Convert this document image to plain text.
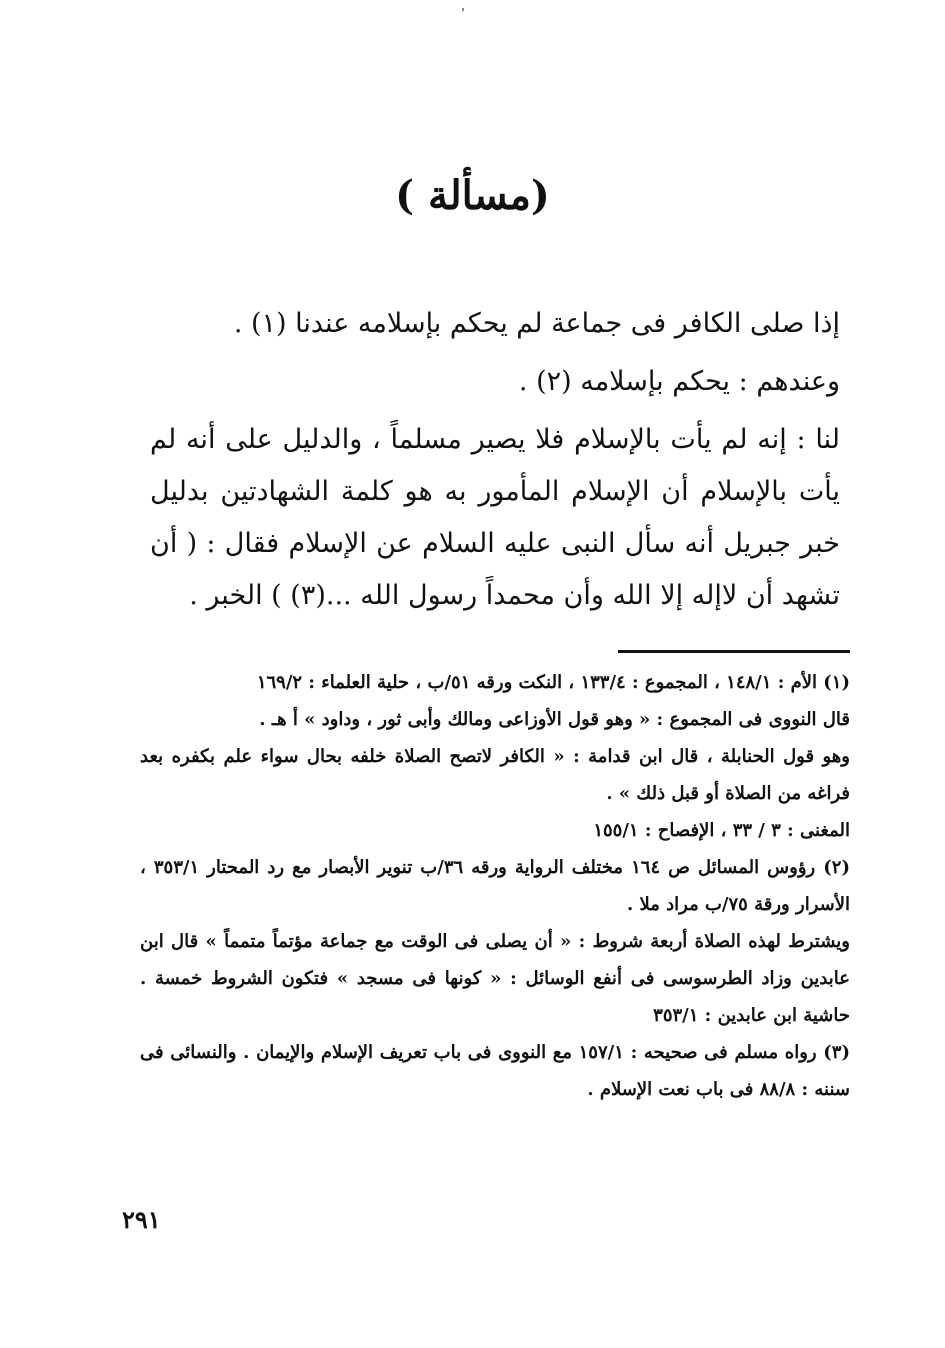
(مسألة )

إذا صلى الكافر فى جماعة لم يحكم بإسلامه عندنا (١) .

وعندهم : يحكم بإسلامه (٢) .

لنا : إنه لم يأت بالإسلام فلا يصير مسلماً ، والدليل على أنه لم يأت بالإسلام أن الإسلام المأمور به هو كلمة الشهادتين بدليل خبر جبريل أنه سأل النبى عليه السلام عن الإسلام فقال : ( أن تشهد أن لاإله إلا الله وأن محمداً رسول الله ...(٣) ) الخبر .

(١) الأم : ١٤٨/١ ، المجموع : ١٣٣/٤ ، النكت ورقه ٥١/ب ، حلية العلماء : ١٦٩/٢

قال النووى فى المجموع : « وهو قول الأوزاعى ومالك وأبى ثور ، وداود » أ هـ .

وهو قول الحنابلة ، قال ابن قدامة : « الكافر لاتصح الصلاة خلفه بحال سواء علم بكفره بعد فراغه من الصلاة أو قبل ذلك » .

المغنى : ٣ / ٣٣ ، الإفصاح : ١٥٥/١

(٢) رؤوس المسائل ص ١٦٤ مختلف الرواية ورقه ٣٦/ب تنوير الأبصار مع رد المحتار ٣٥٣/١ ، الأسرار ورقة ٧٥/ب مراد ملا .

ويشترط لهذه الصلاة أربعة شروط : « أن يصلى فى الوقت مع جماعة مؤتماً متمماً » قال ابن عابدين وزاد الطرسوسى فى أنفع الوسائل : « كونها فى مسجد » فتكون الشروط خمسة . حاشية ابن عابدين : ٣٥٣/١

(٣) رواه مسلم فى صحيحه : ١٥٧/١ مع النووى فى باب تعريف الإسلام والإيمان . والنسائى فى سننه : ٨٨/٨ فى باب نعت الإسلام .

٢٩١
